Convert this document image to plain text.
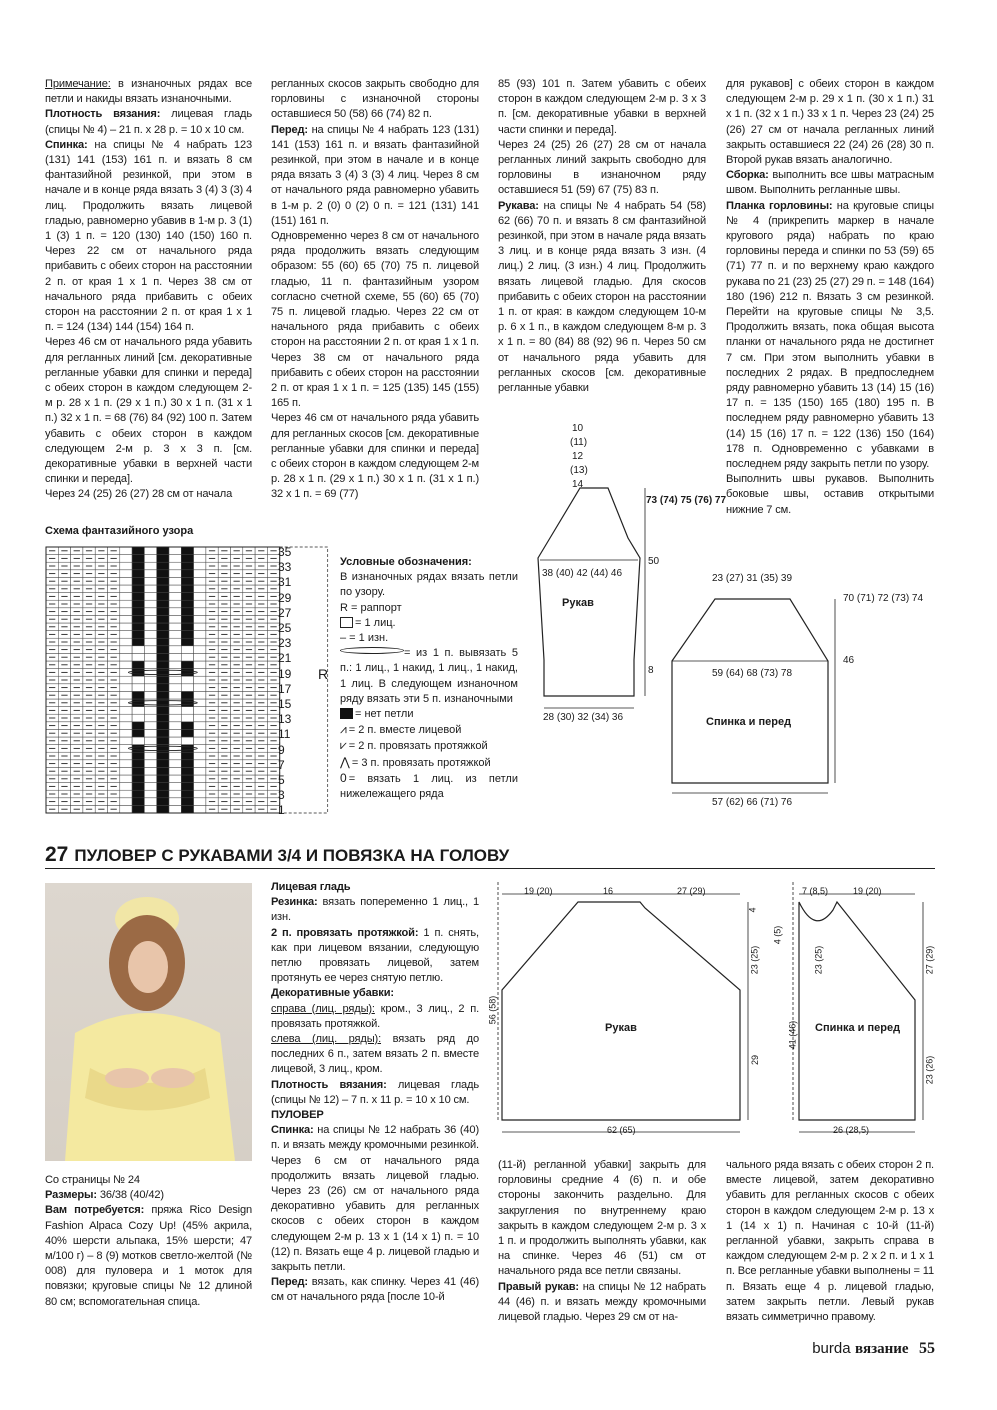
Примечание: в изнаночных рядах все петли и накиды вязать изнаночными.

Плотность вязания: лицевая гладь (спицы № 4) – 21 п. х 28 р. = 10 х 10 см.

Спинка: на спицы № 4 набрать 123 (131) 141 (153) 161 п. и вязать 8 см фантазийной резинкой, при этом в начале и в конце ряда вязать 3 (4) 3 (3) 4 лиц. Продолжить вязать лицевой гладью, равномерно убавив в 1-м р. 3 (1) 1 (3) 1 п. = 120 (130) 140 (150) 160 п. Через 22 см от начального ряда прибавить с обеих сторон на расстоянии 2 п. от края 1 х 1 п. Через 38 см от начального ряда прибавить с обеих сторон на расстоянии 2 п. от края 1 х 1 п. = 124 (134) 144 (154) 164 п.

Через 46 см от начального ряда убавить для регланных линий [см. декоративные регланные убавки для спинки и переда] с обеих сторон в каждом следующем 2-м р. 28 х 1 п. (29 х 1 п.) 30 х 1 п. (31 х 1 п.) 32 х 1 п. = 68 (76) 84 (92) 100 п. Затем убавить с обеих сторон в каждом следующем 2-м р. 3 х 3 п. [см. декоративные убавки в верхней части спинки и переда].

Через 24 (25) 26 (27) 28 см от начала

регланных скосов закрыть свободно для горловины с изнаночной стороны оставшиеся 50 (58) 66 (74) 82 п.

Перед: на спицы № 4 набрать 123 (131) 141 (153) 161 п. и вязать фантазийной резинкой, при этом в начале и в конце ряда вязать 3 (4) 3 (3) 4 лиц. Через 8 см от начального ряда равномерно убавить в 1-м р. 2 (0) 0 (2) 0 п. = 121 (131) 141 (151) 161 п.

Одновременно через 8 см от начального ряда продолжить вязать следующим образом: 55 (60) 65 (70) 75 п. лицевой гладью, 11 п. фантазийным узором согласно счетной схеме, 55 (60) 65 (70) 75 п. лицевой гладью. Через 22 см от начального ряда прибавить с обеих сторон на расстоянии 2 п. от края 1 х 1 п. Через 38 см от начального ряда прибавить с обеих сторон на расстоянии 2 п. от края 1 х 1 п. = 125 (135) 145 (155) 165 п.

Через 46 см от начального ряда убавить для регланных скосов [см. декоративные регланные убавки для спинки и переда] с обеих сторон в каждом следующем 2-м р. 28 х 1 п. (29 х 1 п.) 30 х 1 п. (31 х 1 п.) 32 х 1 п. = 69 (77)

85 (93) 101 п. Затем убавить с обеих сторон в каждом следующем 2-м р. 3 х 3 п. [см. декоративные убавки в верхней части спинки и переда].

Через 24 (25) 26 (27) 28 см от начала регланных линий закрыть свободно для горловины в изнаночном ряду оставшиеся 51 (59) 67 (75) 83 п.

Рукава: на спицы № 4 набрать 54 (58) 62 (66) 70 п. и вязать 8 см фантазийной резинкой, при этом в начале ряда вязать 3 лиц. и в конце ряда вязать 3 изн. (4 лиц.) 2 лиц. (3 изн.) 4 лиц. Продолжить вязать лицевой гладью. Для скосов прибавить с обеих сторон на расстоянии 1 п. от края: в каждом следующем 10-м р. 6 х 1 п., в каждом следующем 8-м р. 3 х 1 п. = 80 (84) 88 (92) 96 п. Через 50 см от начального ряда убавить для регланных скосов [см. декоративные регланные убавки

для рукавов] с обеих сторон в каждом следующем 2-м р. 29 х 1 п. (30 х 1 п.) 31 х 1 п. (32 х 1 п.) 33 х 1 п. Через 23 (24) 25 (26) 27 см от начала регланных линий закрыть оставшиеся 22 (24) 26 (28) 30 п. Второй рукав вязать аналогично.

Сборка: выполнить все швы матрасным швом. Выполнить регланные швы.

Планка горловины: на круговые спицы № 4 (прикрепить маркер в начале кругового ряда) набрать по краю горловины переда и спинки по 53 (59) 65 (71) 77 п. и по верхнему краю каждого рукава по 21 (23) 25 (27) 29 п. = 148 (164) 180 (196) 212 п. Вязать 3 см резинкой. Перейти на круговые спицы № 3,5. Продолжить вязать, пока общая высота планки от начального ряда не достигнет 7 см. При этом выполнить убавки в последних 2 рядах. В предпоследнем ряду равномерно убавить 13 (14) 15 (16) 17 п. = 135 (150) 165 (180) 195 п. В последнем ряду равномерно убавить 13 (14) 15 (16) 17 п. = 122 (136) 150 (164) 178 п. Одновременно с убавками в последнем ряду закрыть петли по узору.

Выполнить швы рукавов. Выполнить боковые швы, оставив открытыми нижние 7 см.

Схема фантазийного узора
35
33
31
29
27
25
23
21
19
17
15
13
11
9
7
5
3
1
R
Условные обозначения:
В изнаночных рядах вязать петли по узору.
R = раппорт
= 1 лиц.
– = 1 изн.
= из 1 п. вывязать 5 п.: 1 лиц., 1 накид, 1 лиц., 1 накид, 1 лиц. В следующем изнаночном ряду вязать эти 5 п. изнаночными
= нет петли
⩘ = 2 п. вместе лицевой
⩗ = 2 п. провязать протяжкой
⋀ = 3 п. провязать протяжкой
0 = вязать 1 лиц. из петли нижележащего ряда
10
(11)
12
(13)
14
73 (74) 75 (76) 77
50
38 (40) 42 (44) 46
Рукав
8
28 (30) 32 (34) 36
23 (27) 31 (35) 39
70 (71) 72 (73) 74
46
59 (64) 68 (73) 78
Спинка и перед
57 (62) 66 (71) 76
27 ПУЛОВЕР С РУКАВАМИ 3/4 И ПОВЯЗКА НА ГОЛОВУ

Со страницы № 24

Размеры: 36/38 (40/42)

Вам потребуется: пряжа Rico Design Fashion Alpaca Cozy Up! (45% акрила, 40% шерсти альпака, 15% шерсти; 47 м/100 г) – 8 (9) мотков светло-желтой (№ 008) для пуловера и 1 моток для повязки; круговые спицы № 12 длиной 80 см; вспомогательная спица.

Лицевая гладь

Резинка: вязать попеременно 1 лиц., 1 изн.

2 п. провязать протяжкой: 1 п. снять, как при лицевом вязании, следующую петлю провязать лицевой, затем протянуть ее через снятую петлю.

Декоративные убавки:

справа (лиц. ряды): кром., 3 лиц., 2 п. провязать протяжкой.

слева (лиц. ряды): вязать ряд до последних 6 п., затем вязать 2 п. вместе лицевой, 3 лиц., кром.

Плотность вязания: лицевая гладь (спицы № 12) – 7 п. х 11 р. = 10 х 10 см.

ПУЛОВЕР

Спинка: на спицы № 12 набрать 36 (40) п. и вязать между кромочными резинкой. Через 6 см от начального ряда продолжить вязать лицевой гладью. Через 23 (26) см от начального ряда декоративно убавить для регланных скосов с обеих сторон в каждом следующем 2-м р. 13 х 1 (14 х 1) п. = 10 (12) п. Вязать еще 4 р. лицевой гладью и закрыть петли.

Перед: вязать, как спинку. Через 41 (46) см от начального ряда [после 10-й

(11-й) регланной убавки] закрыть для горловины средние 4 (6) п. и обе стороны закончить раздельно. Для закругления по внутреннему краю закрыть в каждом следующем 2-м р. 3 х 1 п. и продолжить выполнять убавки, как на спинке. Через 46 (51) см от начального ряда все петли связаны.

Правый рукав: на спицы № 12 набрать 44 (46) п. и вязать между кромочными лицевой гладью. Через 29 см от на-

чального ряда вязать с обеих сторон 2 п. вместе лицевой, затем декоративно убавить для регланных скосов с обеих сторон в каждом следующем 2-м р. 13 х 1 (14 х 1) п. Начиная с 10-й (11-й) регланной убавки, закрыть справа в каждом следующем 2-м р. 2 х 2 п. и 1 х 1 п. Все регланные убавки выполнены = 11 п. Вязать еще 4 р. лицевой гладью, затем закрыть петли. Левый рукав вязать симметрично правому.

19 (20)	16	27 (29)
4
23 (25)
56 (58)
Рукав
29
62 (65)
7 (8,5)	19 (20)
4 (5)
23 (25)
41 (46) Спинка и перед
27 (29)
23 (26)
26 (28,5)
burda вязание 55
